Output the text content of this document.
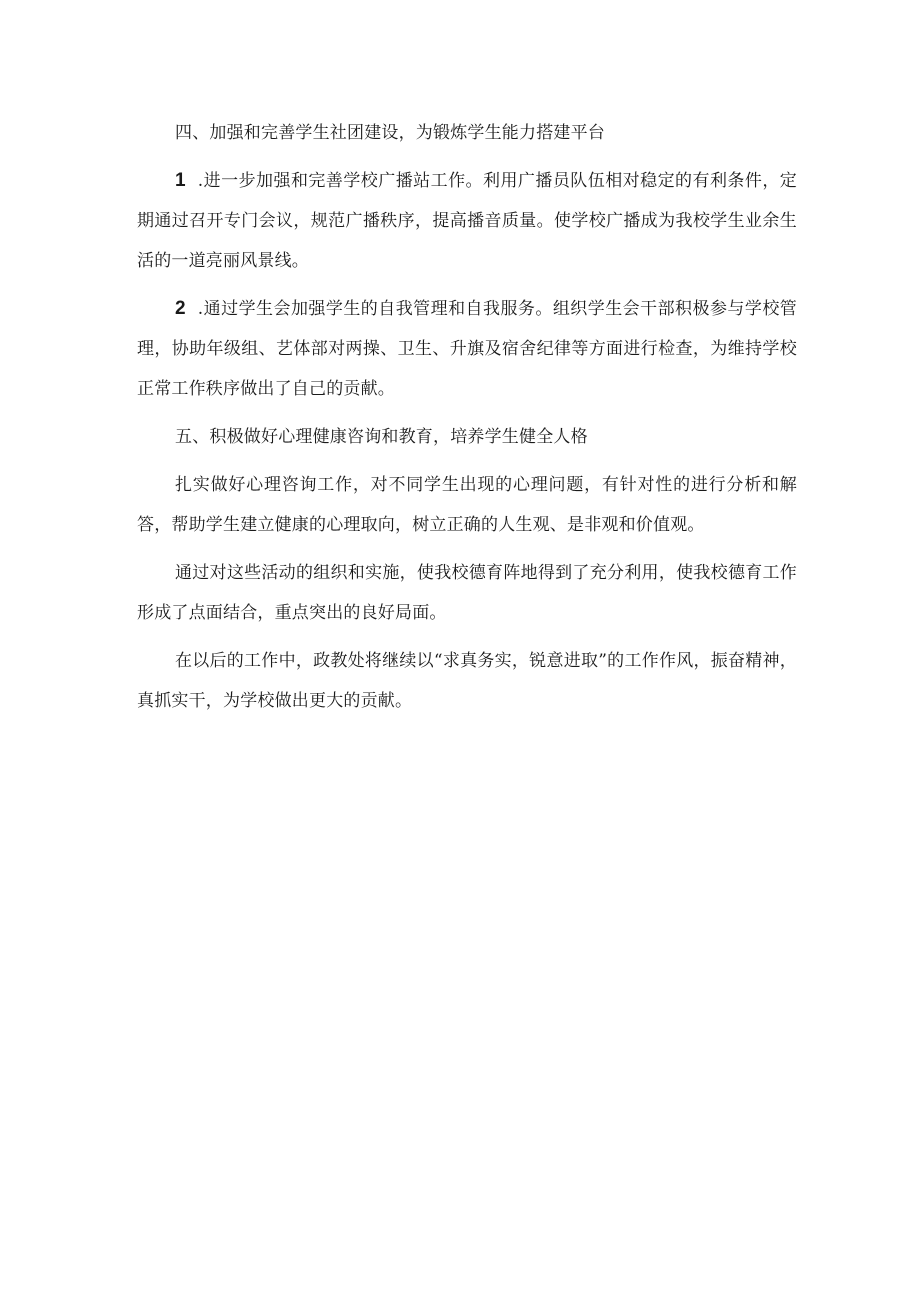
四、加强和完善学生社团建设，为锻炼学生能力搭建平台

1 .进一步加强和完善学校广播站工作。利用广播员队伍相对稳定的有利条件，定期通过召开专门会议，规范广播秩序，提高播音质量。使学校广播成为我校学生业余生活的一道亮丽风景线。

2 .通过学生会加强学生的自我管理和自我服务。组织学生会干部积极参与学校管理，协助年级组、艺体部对两操、卫生、升旗及宿舍纪律等方面进行检查，为维持学校正常工作秩序做出了自己的贡献。

五、积极做好心理健康咨询和教育，培养学生健全人格

扎实做好心理咨询工作，对不同学生出现的心理问题，有针对性的进行分析和解答，帮助学生建立健康的心理取向，树立正确的人生观、是非观和价值观。

通过对这些活动的组织和实施，使我校德育阵地得到了充分利用，使我校德育工作形成了点面结合，重点突出的良好局面。

在以后的工作中，政教处将继续以“求真务实，锐意进取”的工作作风，振奋精神，真抓实干，为学校做出更大的贡献。
